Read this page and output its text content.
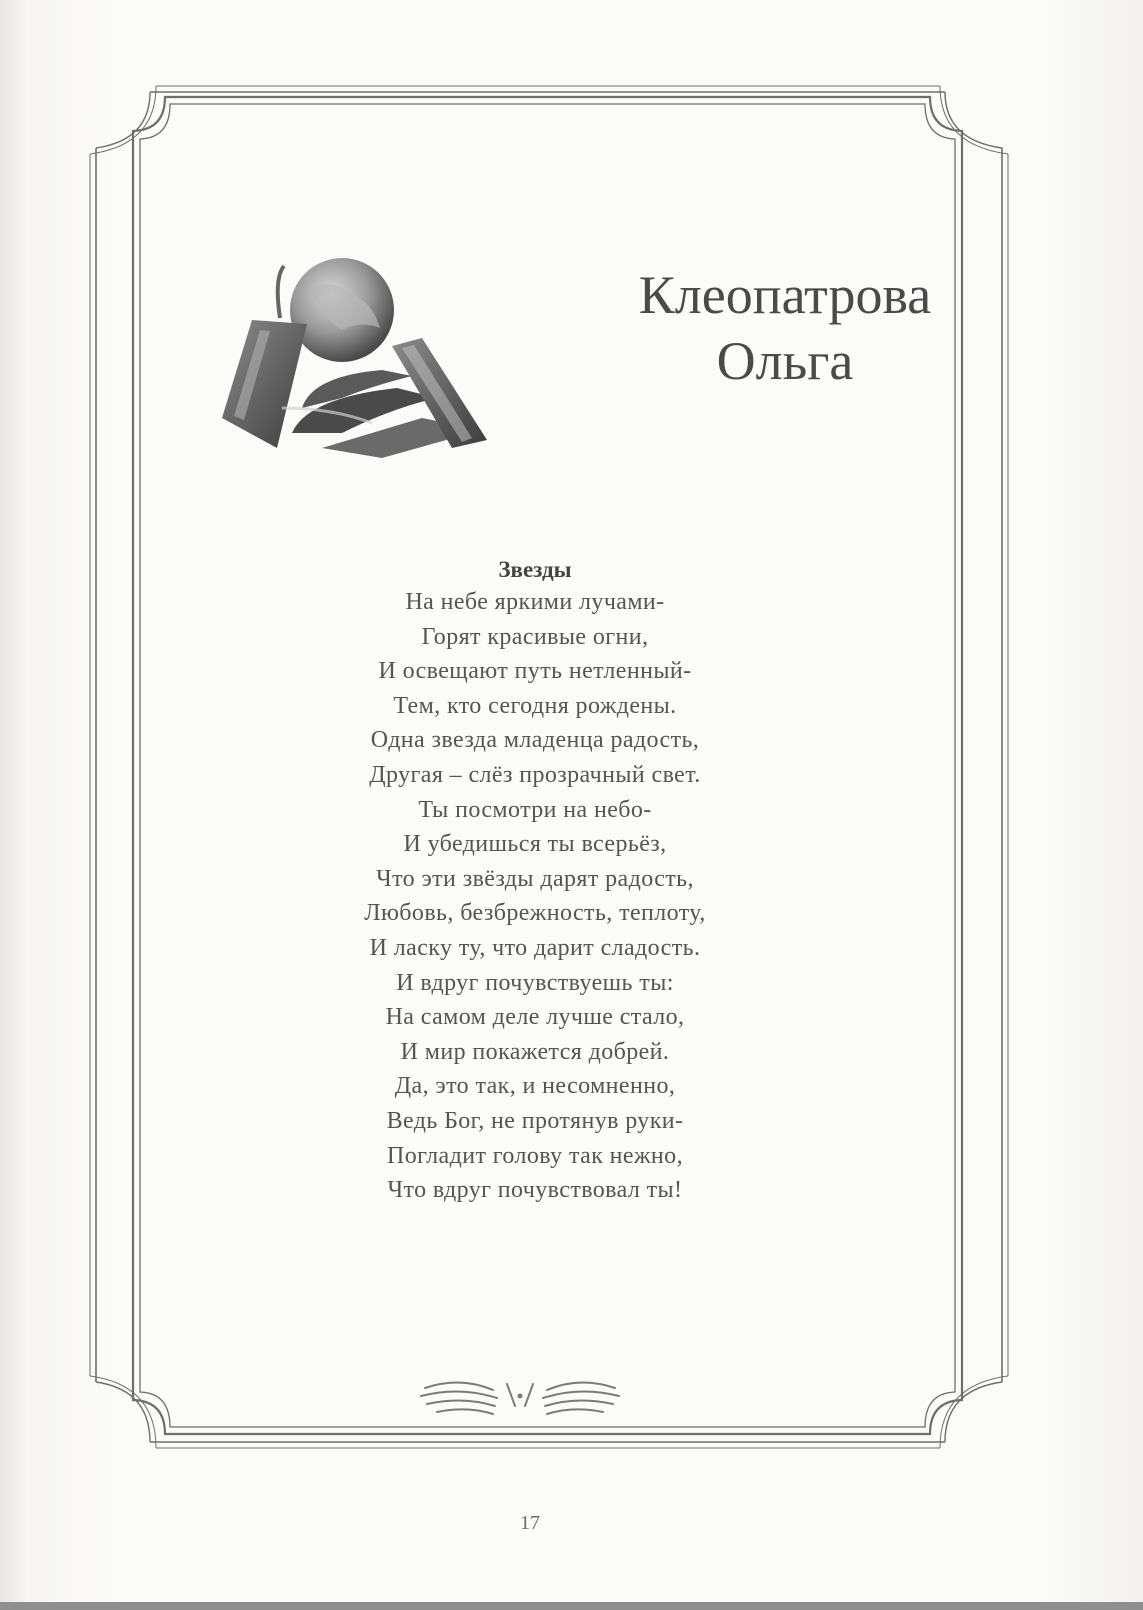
Клеопатрова
Ольга
Звезды
На небе яркими лучами-
Горят красивые огни,
И освещают путь нетленный-
Тем, кто сегодня рождены.
Одна звезда младенца радость,
Другая – слёз прозрачный свет.
Ты посмотри на небо-
И убедишься ты всерьёз,
Что эти звёзды дарят радость,
Любовь, безбрежность, теплоту,
И ласку ту, что дарит сладость.
И вдруг почувствуешь ты:
На самом деле лучше стало,
И мир покажется добрей.
Да, это так, и несомненно,
Ведь Бог, не протянув руки-
Погладит голову так нежно,
Что вдруг почувствовал ты!
17
